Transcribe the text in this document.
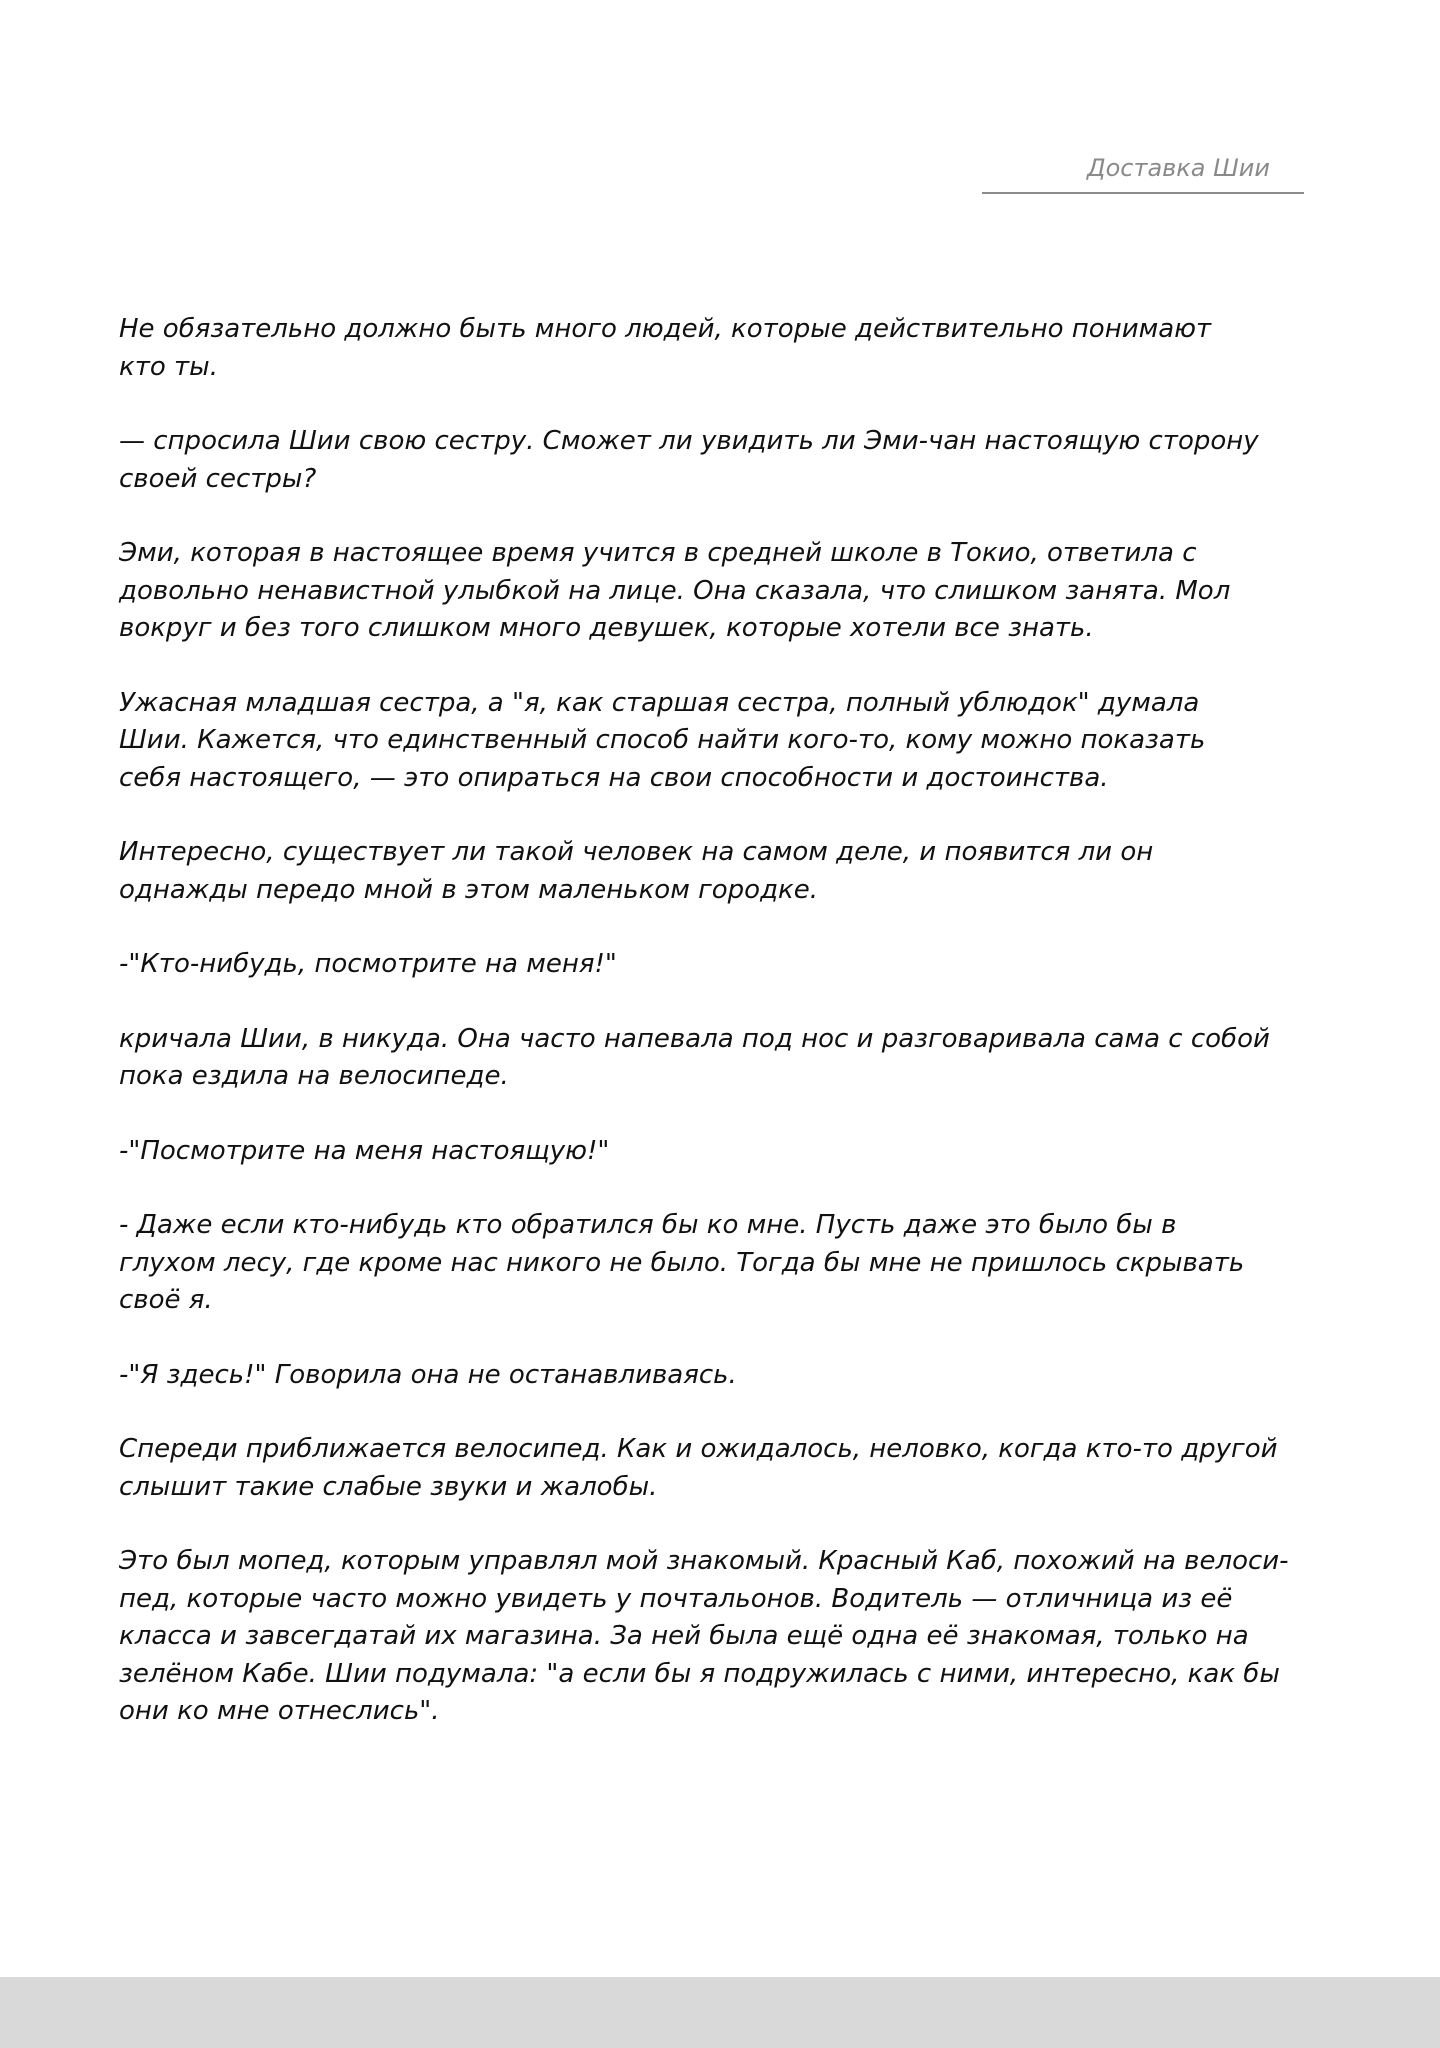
Доставка Шии

Не обязательно должно быть много людей, которые действительно понимают
кто ты.

— спросила Шии свою сестру. Сможет ли увидить ли Эми-чан настоящую сторону
своей сестры?

Эми, которая в настоящее время учится в средней школе в Токио, ответила с
довольно ненавистной улыбкой на лице. Она сказала, что слишком занята. Мол
вокруг и без того слишком много девушек, которые хотели все знать.

Ужасная младшая сестра, а "я, как старшая сестра, полный ублюдок" думала
Шии. Кажется, что единственный способ найти кого-то, кому можно показать
себя настоящего, — это опираться на свои способности и достоинства.

Интересно, существует ли такой человек на самом деле, и появится ли он
однажды передо мной в этом маленьком городке.

-"Кто-нибудь, посмотрите на меня!"

кричала Шии, в никуда. Она часто напевала под нос и разговаривала сама с собой
пока ездила на велосипеде.

-"Посмотрите на меня настоящую!"

- Даже если кто-нибудь кто обратился бы ко мне. Пусть даже это было бы в
глухом лесу, где кроме нас никого не было. Тогда бы мне не пришлось скрывать
своё я.

-"Я здесь!" Говорила она не останавливаясь.

Спереди приближается велосипед. Как и ожидалось, неловко, когда кто-то другой
слышит такие слабые звуки и жалобы.

Это был мопед, которым управлял мой знакомый. Красный Каб, похожий на велоси-
пед, которые часто можно увидеть у почтальонов. Водитель — отличница из её
класса и завсегдатай их магазина. За ней была ещё одна её знакомая, только на
зелёном Кабе. Шии подумала: "а если бы я подружилась с ними, интересно, как бы
они ко мне отнеслись".
